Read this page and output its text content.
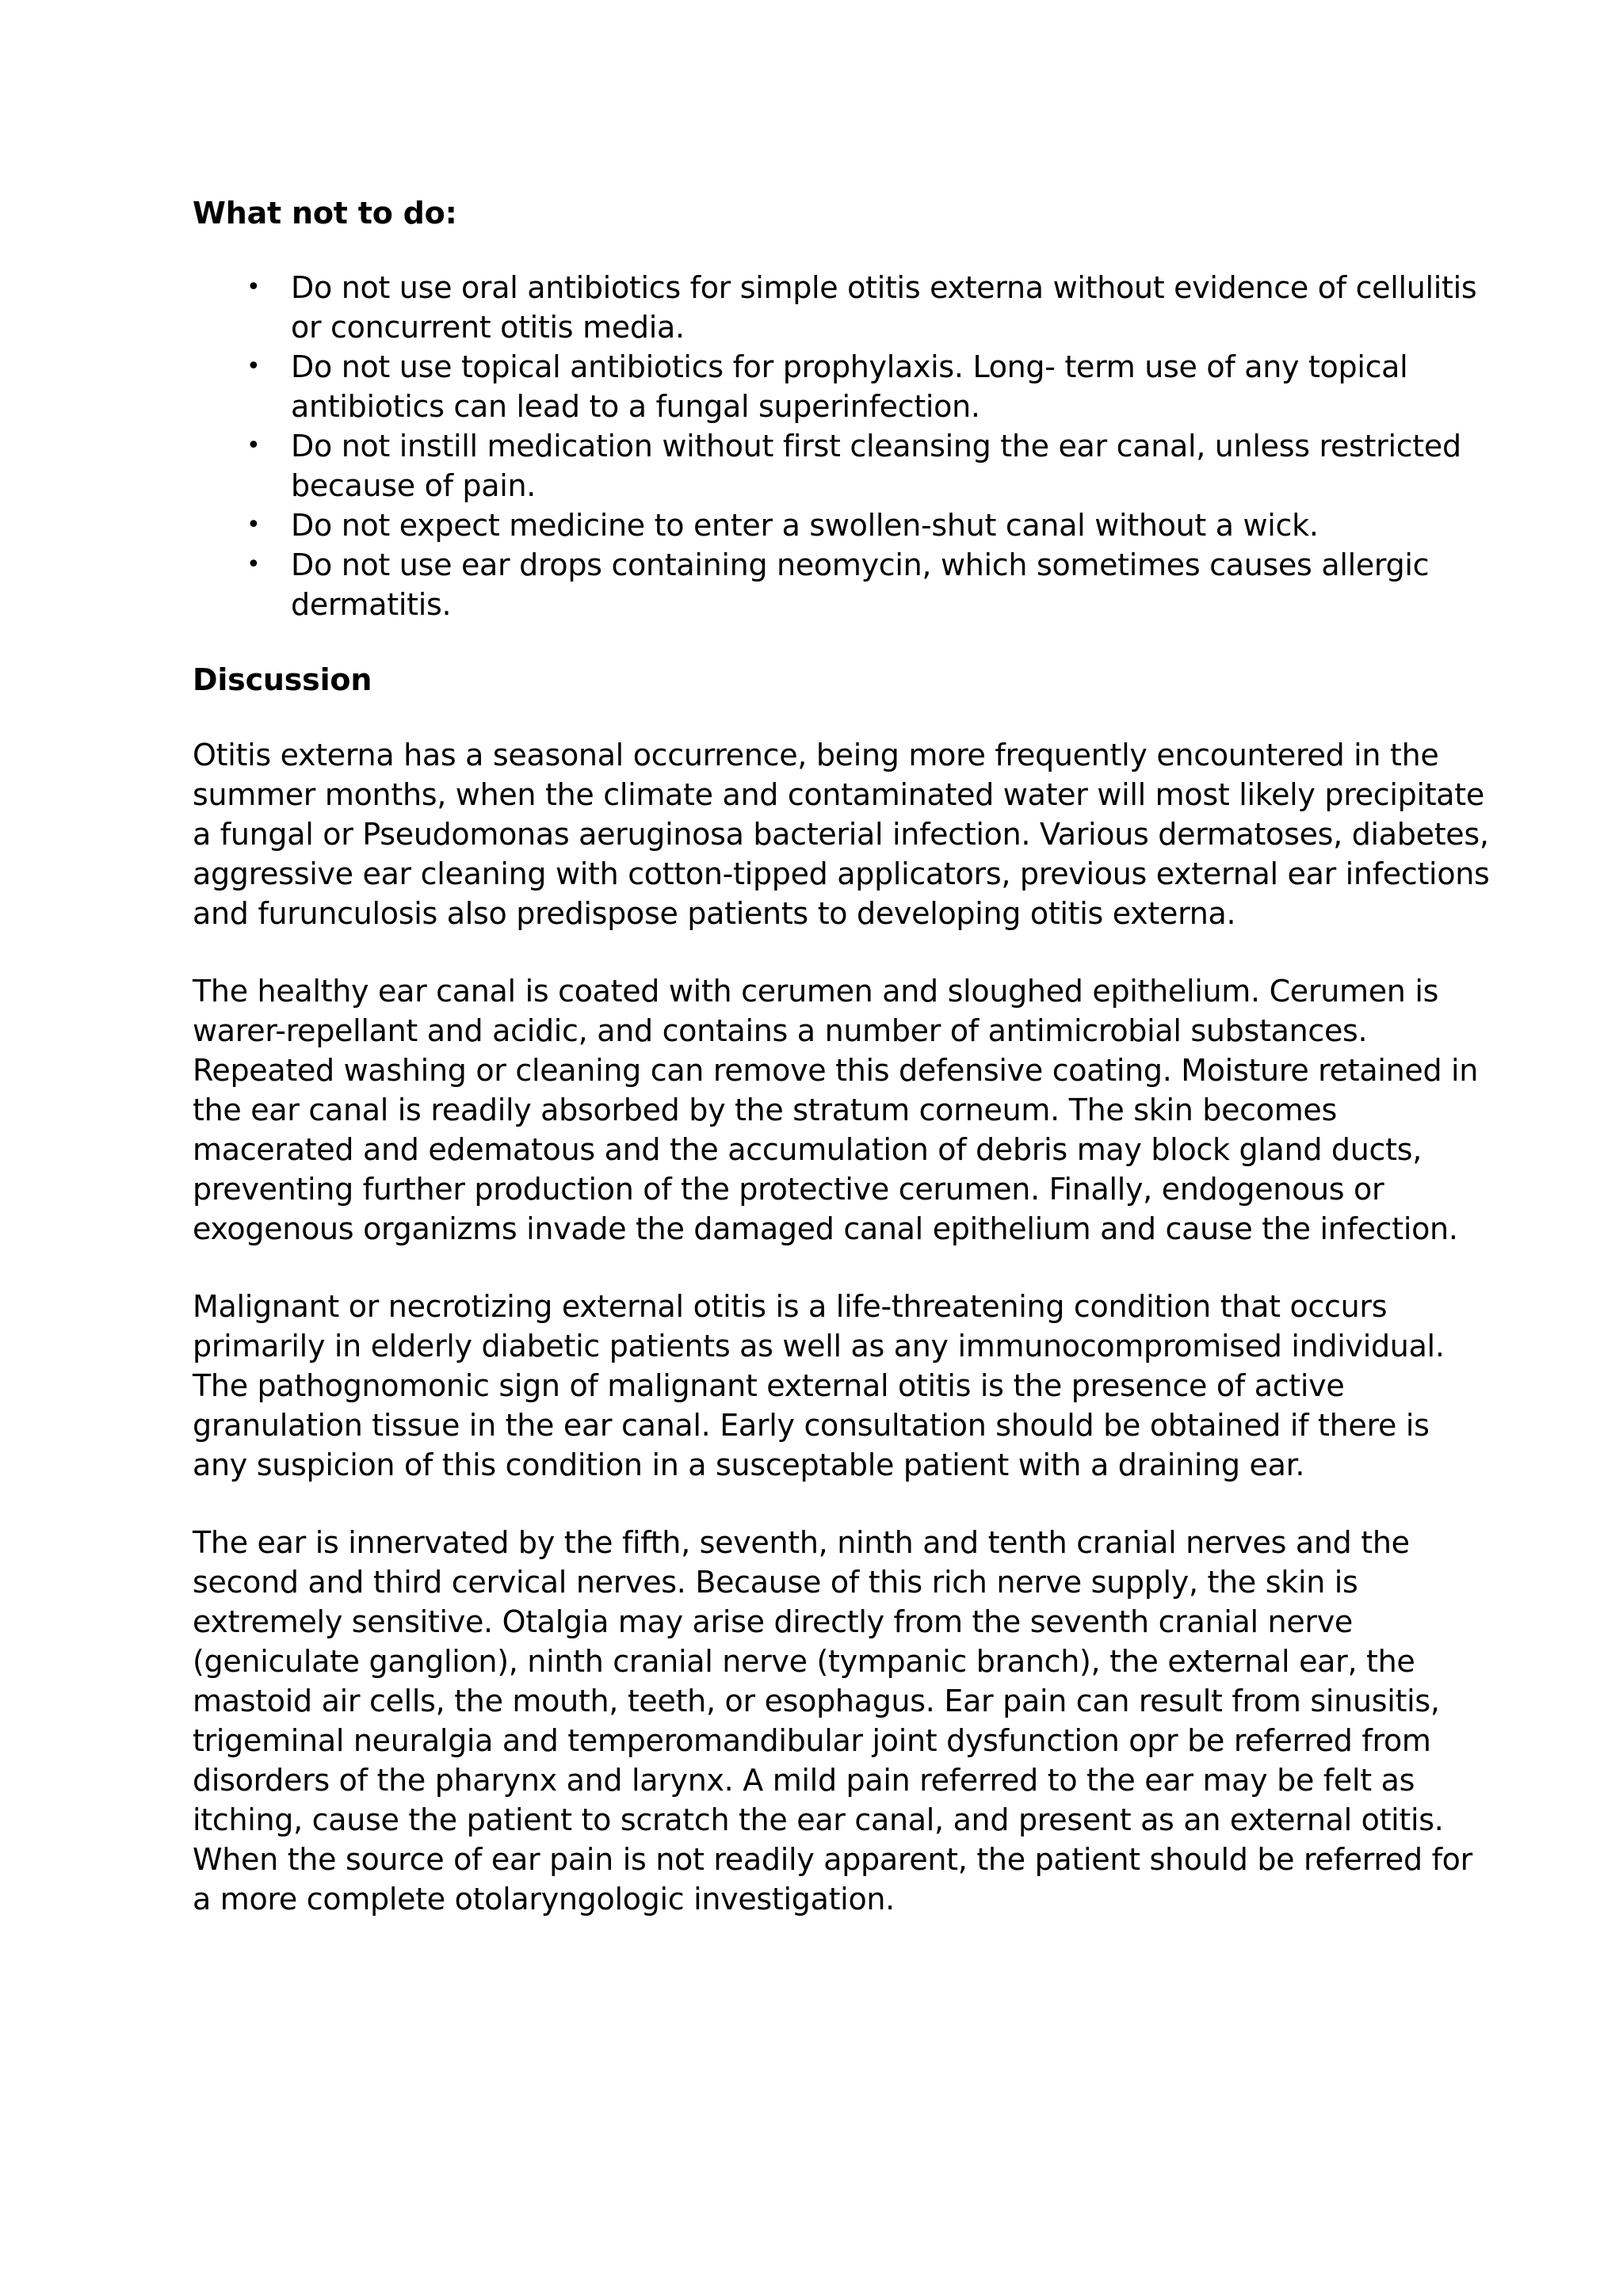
What not to do:
• Do not use oral antibiotics for simple otitis externa without evidence of cellulitis or concurrent otitis media.
• Do not use topical antibiotics for prophylaxis. Long- term use of any topical antibiotics can lead to a fungal superinfection.
• Do not instill medication without first cleansing the ear canal, unless restricted because of pain.
• Do not expect medicine to enter a swollen-shut canal without a wick.
• Do not use ear drops containing neomycin, which sometimes causes allergic dermatitis.
Discussion

Otitis externa has a seasonal occurrence, being more frequently encountered in the summer months, when the climate and contaminated water will most likely precipitate a fungal or Pseudomonas aeruginosa bacterial infection. Various dermatoses, diabetes, aggressive ear cleaning with cotton-tipped applicators, previous external ear infections and furunculosis also predispose patients to developing otitis externa.

The healthy ear canal is coated with cerumen and sloughed epithelium. Cerumen is warer-repellant and acidic, and contains a number of antimicrobial substances. Repeated washing or cleaning can remove this defensive coating. Moisture retained in the ear canal is readily absorbed by the stratum corneum. The skin becomes macerated and edematous and the accumulation of debris may block gland ducts, preventing further production of the protective cerumen. Finally, endogenous or exogenous organizms invade the damaged canal epithelium and cause the infection.

Malignant or necrotizing external otitis is a life-threatening condition that occurs primarily in elderly diabetic patients as well as any immunocompromised individual. The pathognomonic sign of malignant external otitis is the presence of active granulation tissue in the ear canal. Early consultation should be obtained if there is any suspicion of this condition in a susceptable patient with a draining ear.

The ear is innervated by the fifth, seventh, ninth and tenth cranial nerves and the second and third cervical nerves. Because of this rich nerve supply, the skin is extremely sensitive. Otalgia may arise directly from the seventh cranial nerve (geniculate ganglion), ninth cranial nerve (tympanic branch), the external ear, the mastoid air cells, the mouth, teeth, or esophagus. Ear pain can result from sinusitis, trigeminal neuralgia and temperomandibular joint dysfunction opr be referred from disorders of the pharynx and larynx. A mild pain referred to the ear may be felt as itching, cause the patient to scratch the ear canal, and present as an external otitis. When the source of ear pain is not readily apparent, the patient should be referred for a more complete otolaryngologic investigation.
